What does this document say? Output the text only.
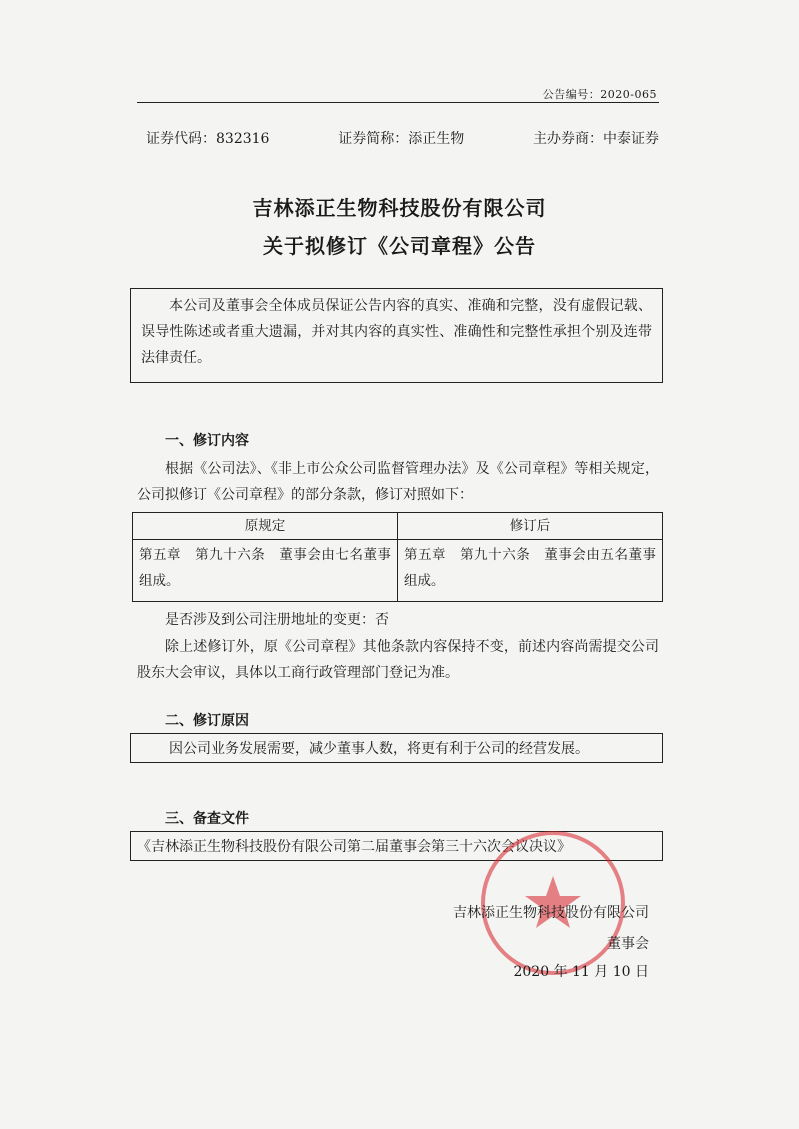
公告编号：2020-065
证券代码：832316	证券简称：添正生物	主办券商：中泰证券
吉林添正生物科技股份有限公司
关于拟修订《公司章程》公告

本公司及董事会全体成员保证公告内容的真实、准确和完整，没有虚假记载、误导性陈述或者重大遗漏，并对其内容的真实性、准确性和完整性承担个别及连带法律责任。

一、修订内容
根据《公司法》、《非上市公众公司监督管理办法》及《公司章程》等相关规定，公司拟修订《公司章程》的部分条款，修订对照如下：
原规定	修订后
第五章　第九十六条　董事会由七名董事组成。	第五章　第九十六条　董事会由五名董事组成。
是否涉及到公司注册地址的变更：否
除上述修订外，原《公司章程》其他条款内容保持不变，前述内容尚需提交公司股东大会审议，具体以工商行政管理部门登记为准。
二、修订原因

因公司业务发展需要，减少董事人数，将更有利于公司的经营发展。

三、备查文件
《吉林添正生物科技股份有限公司第二届董事会第三十六次会议决议》
吉林添正生物科技股份有限公司
董事会
2020 年 11 月 10 日
